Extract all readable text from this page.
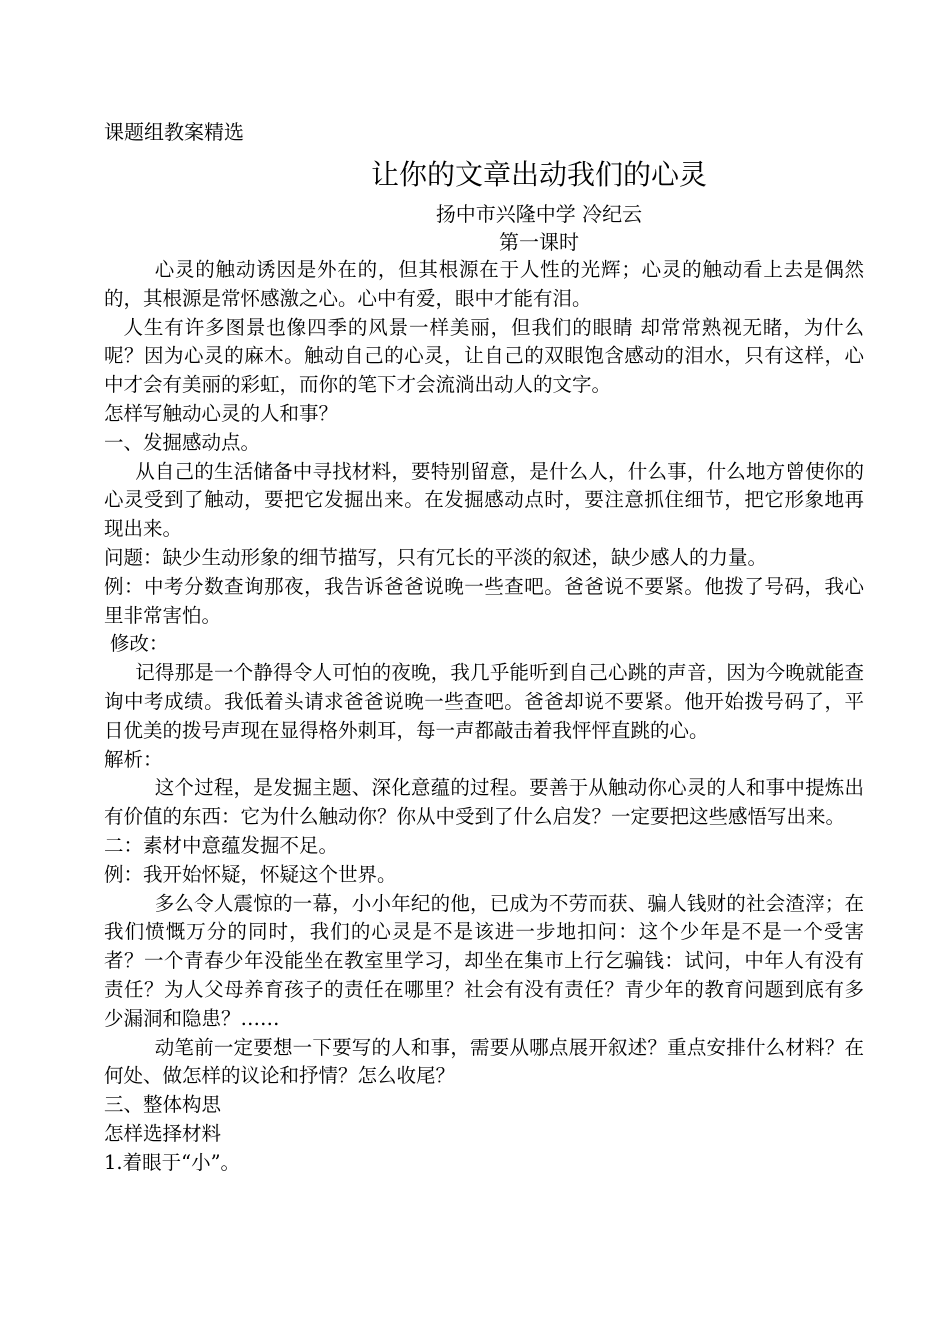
课题组教案精选
让你的文章出动我们的心灵
扬中市兴隆中学 冷纪云
第一课时

心灵的触动诱因是外在的，但其根源在于人性的光辉；心灵的触动看上去是偶然的，其根源是常怀感激之心。心中有爱，眼中才能有泪。

人生有许多图景也像四季的风景一样美丽，但我们的眼睛 却常常熟视无睹，为什么呢？因为心灵的麻木。触动自己的心灵，让自己的双眼饱含感动的泪水，只有这样，心中才会有美丽的彩虹，而你的笔下才会流淌出动人的文字。

怎样写触动心灵的人和事？

一、发掘感动点。

从自己的生活储备中寻找材料，要特别留意，是什么人，什么事，什么地方曾使你的心灵受到了触动，要把它发掘出来。在发掘感动点时，要注意抓住细节，把它形象地再现出来。

问题：缺少生动形象的细节描写，只有冗长的平淡的叙述，缺少感人的力量。

例：中考分数查询那夜，我告诉爸爸说晚一些查吧。爸爸说不要紧。他拨了号码，我心里非常害怕。

修改：

记得那是一个静得令人可怕的夜晚，我几乎能听到自己心跳的声音，因为今晚就能查询中考成绩。我低着头请求爸爸说晚一些查吧。爸爸却说不要紧。他开始拨号码了，平日优美的拨号声现在显得格外刺耳，每一声都敲击着我怦怦直跳的心。

解析：

这个过程，是发掘主题、深化意蕴的过程。要善于从触动你心灵的人和事中提炼出有价值的东西：它为什么触动你？你从中受到了什么启发？一定要把这些感悟写出来。

二：素材中意蕴发掘不足。

例：我开始怀疑，怀疑这个世界。

多么令人震惊的一幕，小小年纪的他，已成为不劳而获、骗人钱财的社会渣滓；在我们愤慨万分的同时，我们的心灵是不是该进一步地扣问：这个少年是不是一个受害者？一个青春少年没能坐在教室里学习，却坐在集市上行乞骗钱：试问，中年人有没有责任？为人父母养育孩子的责任在哪里？社会有没有责任？青少年的教育问题到底有多少漏洞和隐患？……

动笔前一定要想一下要写的人和事，需要从哪点展开叙述？重点安排什么材料？在何处、做怎样的议论和抒情？怎么收尾？

三、整体构思

怎样选择材料

1.着眼于“小”。
